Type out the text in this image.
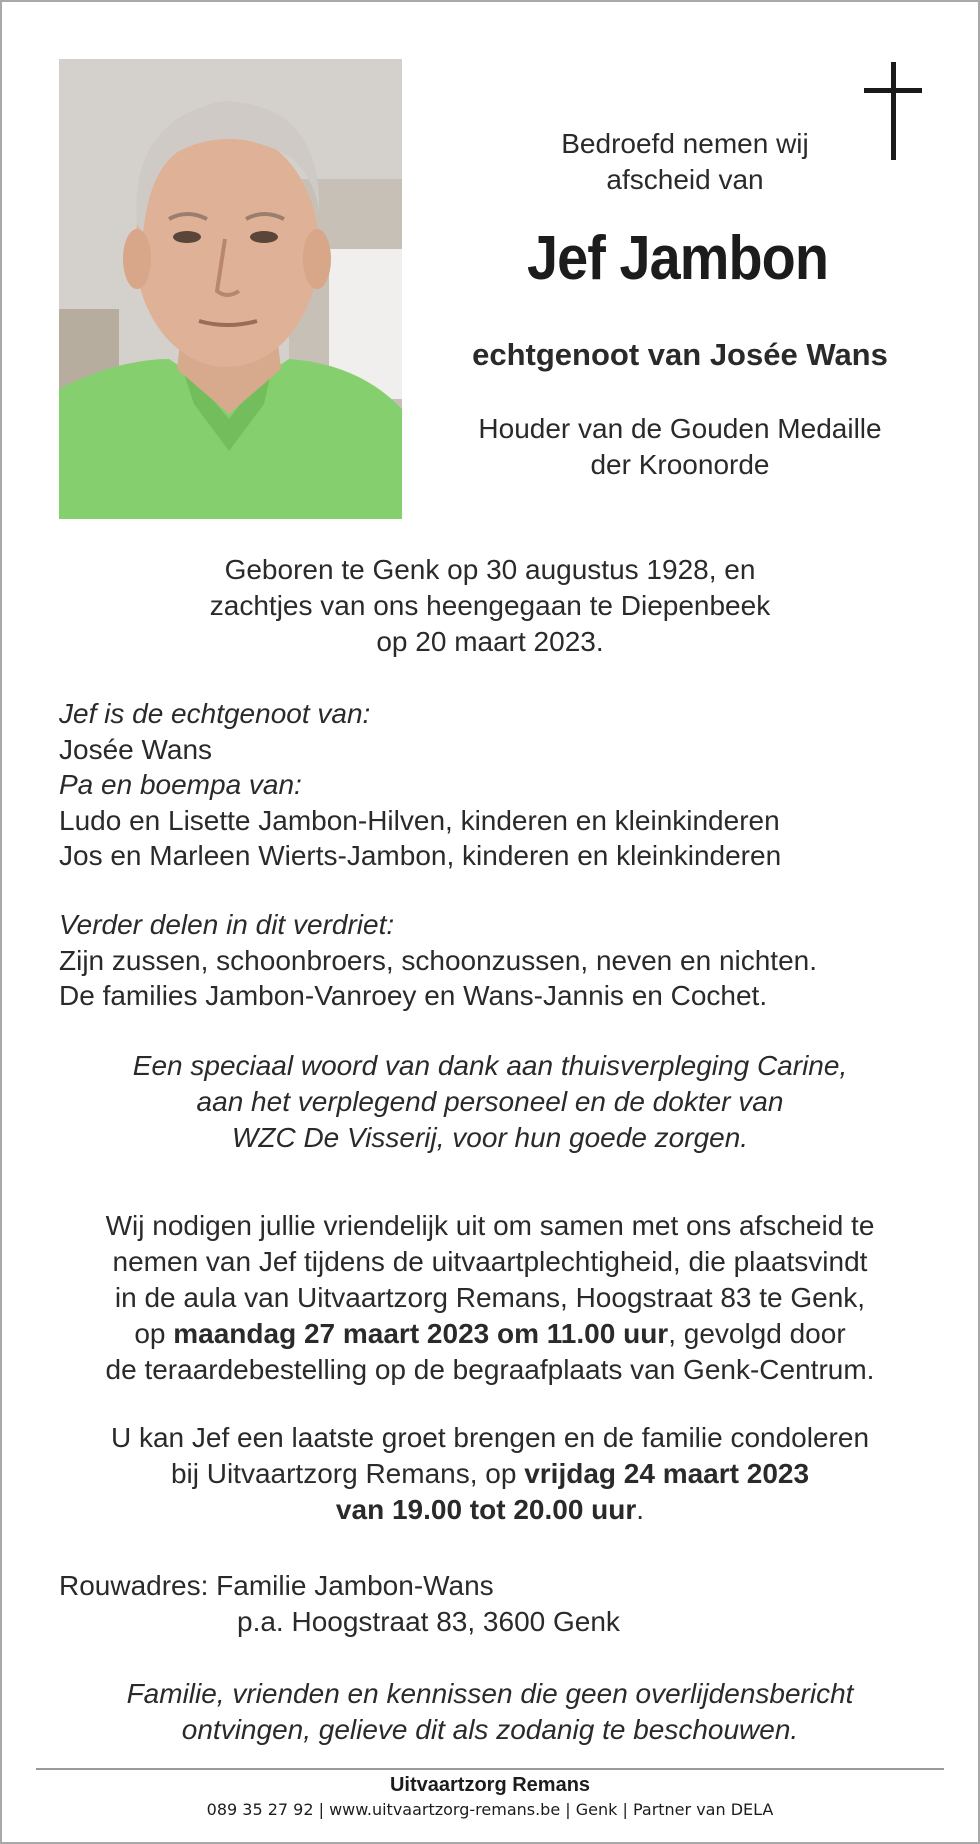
Bedroefd nemen wij
afscheid van
Jef Jambon
echtgenoot van Josée Wans
Houder van de Gouden Medaille
der Kroonorde
Geboren te Genk op 30 augustus 1928, en
zachtjes van ons heengegaan te Diepenbeek
op 20 maart 2023.
Jef is de echtgenoot van:
Josée Wans
Pa en boempa van:
Ludo en Lisette Jambon-Hilven, kinderen en kleinkinderen
Jos en Marleen Wierts-Jambon, kinderen en kleinkinderen
Verder delen in dit verdriet:
Zijn zussen, schoonbroers, schoonzussen, neven en nichten.
De families Jambon-Vanroey en Wans-Jannis en Cochet.
Een speciaal woord van dank aan thuisverpleging Carine,
aan het verplegend personeel en de dokter van
WZC De Visserij, voor hun goede zorgen.
Wij nodigen jullie vriendelijk uit om samen met ons afscheid te
nemen van Jef tijdens de uitvaartplechtigheid, die plaatsvindt
in de aula van Uitvaartzorg Remans, Hoogstraat 83 te Genk,
op maandag 27 maart 2023 om 11.00 uur, gevolgd door
de teraardebestelling op de begraafplaats van Genk-Centrum.
U kan Jef een laatste groet brengen en de familie condoleren
bij Uitvaartzorg Remans, op vrijdag 24 maart 2023
van 19.00 tot 20.00 uur.
Rouwadres: Familie Jambon-Wans
p.a. Hoogstraat 83, 3600 Genk
Familie, vrienden en kennissen die geen overlijdensbericht
ontvingen, gelieve dit als zodanig te beschouwen.
Uitvaartzorg Remans
089 35 27 92 | www.uitvaartzorg-remans.be | Genk | Partner van DELA
